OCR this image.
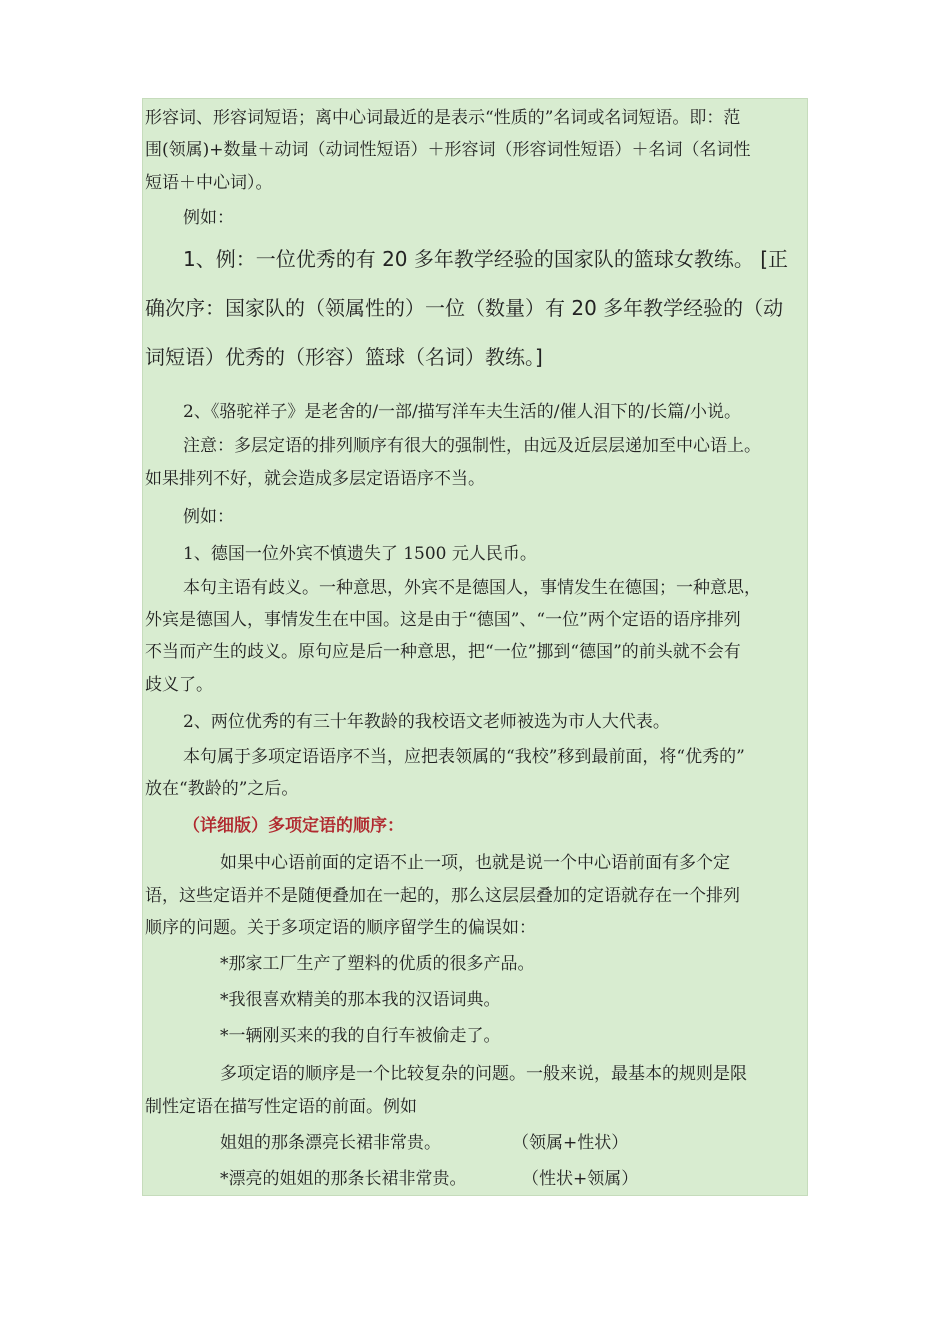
形容词、形容词短语；离中心词最近的是表示“性质的”名词或名词短语。即：范
围(领属)+数量＋动词（动词性短语）＋形容词（形容词性短语）＋名词（名词性
短语＋中心词）。
例如：
1、例：一位优秀的有 20 多年教学经验的国家队的篮球女教练。 [正
确次序：国家队的（领属性的）一位（数量）有 20 多年教学经验的（动
词短语）优秀的（形容）篮球（名词）教练。]
2、《骆驼祥子》是老舍的/一部/描写洋车夫生活的/催人泪下的/长篇/小说。
注意：多层定语的排列顺序有很大的强制性，由远及近层层递加至中心语上。
如果排列不好，就会造成多层定语语序不当。
例如：
1、德国一位外宾不慎遗失了 1500 元人民币。
本句主语有歧义。一种意思，外宾不是德国人，事情发生在德国；一种意思，
外宾是德国人，事情发生在中国。这是由于“德国”、“一位”两个定语的语序排列
不当而产生的歧义。原句应是后一种意思，把“一位”挪到“德国”的前头就不会有
歧义了。
2、两位优秀的有三十年教龄的我校语文老师被选为市人大代表。
本句属于多项定语语序不当，应把表领属的“我校”移到最前面，将“优秀的”
放在“教龄的”之后。
（详细版）多项定语的顺序：
如果中心语前面的定语不止一项，也就是说一个中心语前面有多个定
语，这些定语并不是随便叠加在一起的，那么这层层叠加的定语就存在一个排列
顺序的问题。关于多项定语的顺序留学生的偏误如：
*那家工厂生产了塑料的优质的很多产品。
*我很喜欢精美的那本我的汉语词典。
*一辆刚买来的我的自行车被偷走了。
多项定语的顺序是一个比较复杂的问题。一般来说，最基本的规则是限
制性定语在描写性定语的前面。例如
姐姐的那条漂亮长裙非常贵。	（领属+性状）
*漂亮的姐姐的那条长裙非常贵。	（性状+领属）
